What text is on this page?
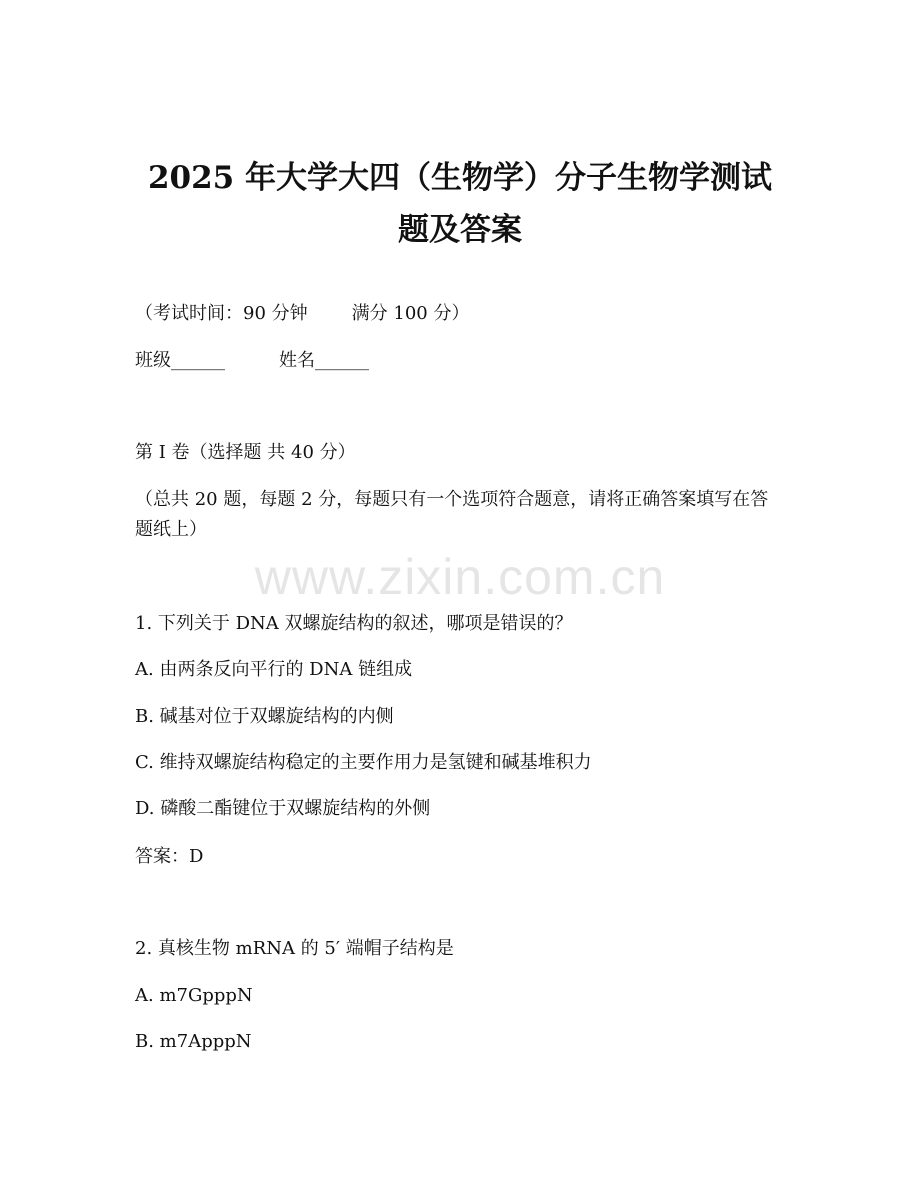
2025 年大学大四（生物学）分子生物学测试
题及答案
（考试时间：90 分钟 满分 100 分）
班级______	姓名______
第 I 卷（选择题 共 40 分）
（总共 20 题，每题 2 分，每题只有一个选项符合题意，请将正确答案填写在答题纸上）
www.zixin.com.cn
1. 下列关于 DNA 双螺旋结构的叙述，哪项是错误的？
A. 由两条反向平行的 DNA 链组成
B. 碱基对位于双螺旋结构的内侧
C. 维持双螺旋结构稳定的主要作用力是氢键和碱基堆积力
D. 磷酸二酯键位于双螺旋结构的外侧
答案：D
2. 真核生物 mRNA 的 5′ 端帽子结构是
A. m7GpppN
B. m7ApppN
